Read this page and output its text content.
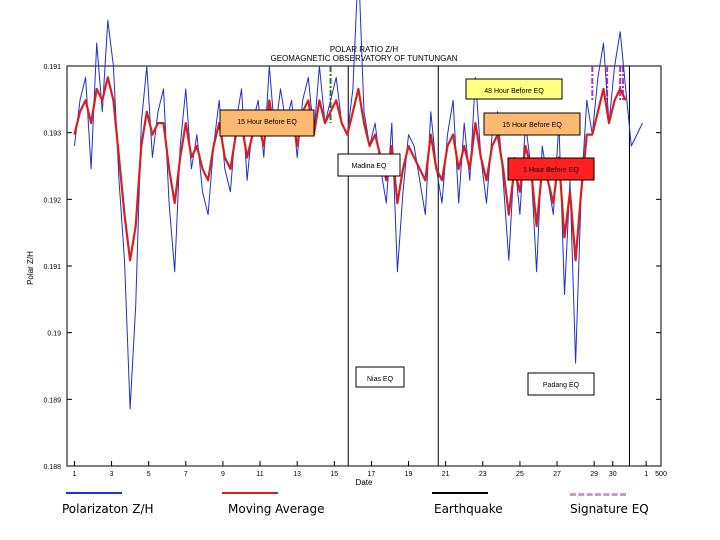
POLAR RATIO Z/H
GEOMAGNETIC OBSERVATORY OF TUNTUNGAN
Date
Polar Z/H
0.191
0.193
0.192
0.191
0.19
0.189
0.188
1	3	5	7	9	11	13	15	17	19	21	23	25	27	29 30	1 500
48 Hour Before EQ
15 Hour Before EQ	15 Hour Before EQ
1 Hour Before EQ
Madina EQ
Nias EQ
Padang EQ
Polarizaton Z/H	Moving Average	Earthquake	Signature EQ
